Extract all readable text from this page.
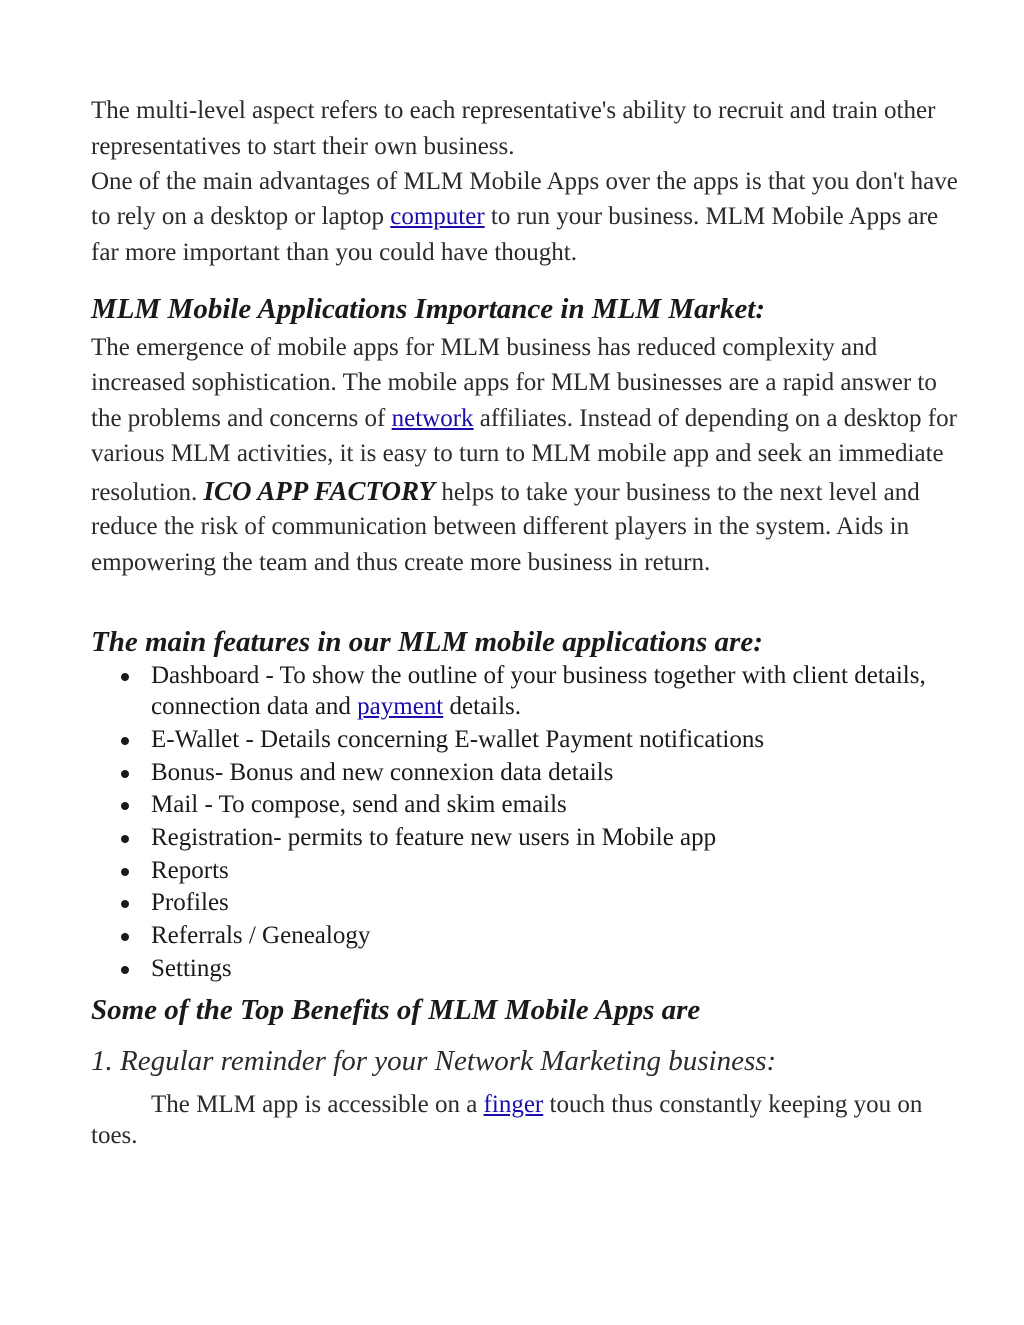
The multi-level aspect refers to each representative's ability to recruit and train other
representatives to start their own business.
One of the main advantages of MLM Mobile Apps over the apps is that you don't have
to rely on a desktop or laptop computer to run your business. MLM Mobile Apps are
far more important than you could have thought.
MLM Mobile Applications Importance in MLM Market:
The emergence of mobile apps for MLM business has reduced complexity and
increased sophistication. The mobile apps for MLM businesses are a rapid answer to
the problems and concerns of network affiliates. Instead of depending on a desktop for
various MLM activities, it is easy to turn to MLM mobile app and seek an immediate
resolution. ICO APP FACTORY helps to take your business to the next level and
reduce the risk of communication between different players in the system. Aids in
empowering the team and thus create more business in return.
The main features in our MLM mobile applications are:
Dashboard - To show the outline of your business together with client details,
connection data and payment details.
E-Wallet - Details concerning E-wallet Payment notifications
Bonus- Bonus and new connexion data details
Mail - To compose, send and skim emails
Registration- permits to feature new users in Mobile app
Reports
Profiles
Referrals / Genealogy
Settings
Some of the Top Benefits of MLM Mobile Apps are
1. Regular reminder for your Network Marketing business:
The MLM app is accessible on a finger touch thus constantly keeping you on
toes.
